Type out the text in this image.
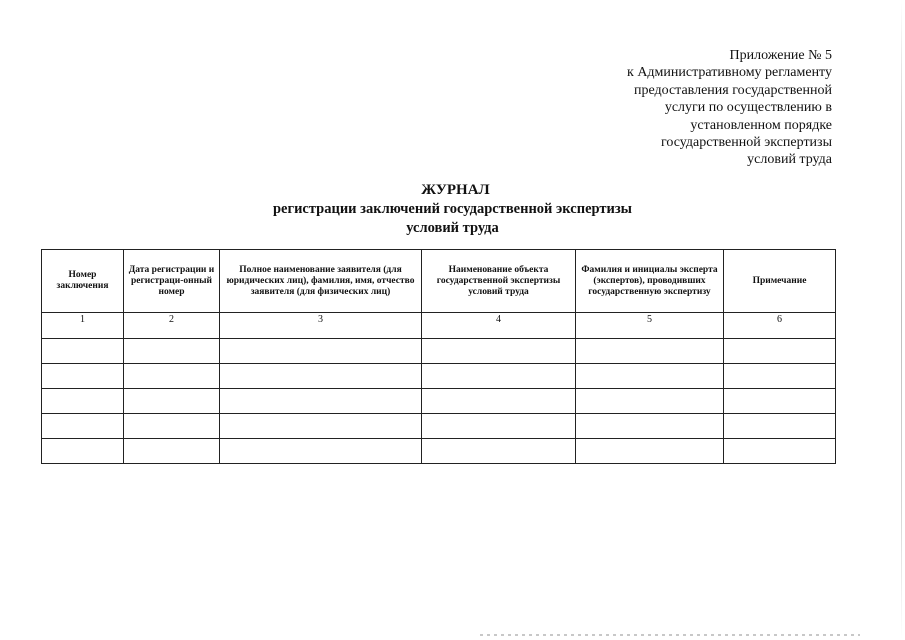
Приложение № 5
к Административному регламенту
предоставления государственной
услуги по осуществлению в
установленном порядке
государственной экспертизы
условий труда
ЖУРНАЛ
регистрации заключений государственной экспертизы
условий труда
Номер заключения	Дата регистрации и регистраци-онный номер	Полное наименование заявителя (для юридических лиц), фамилия, имя, отчество заявителя (для физических лиц)	Наименование объекта государственной экспертизы условий труда	Фамилия и инициалы эксперта (экспертов), проводивших государственную экспертизу	Примечание
1	2	3	4	5	6
